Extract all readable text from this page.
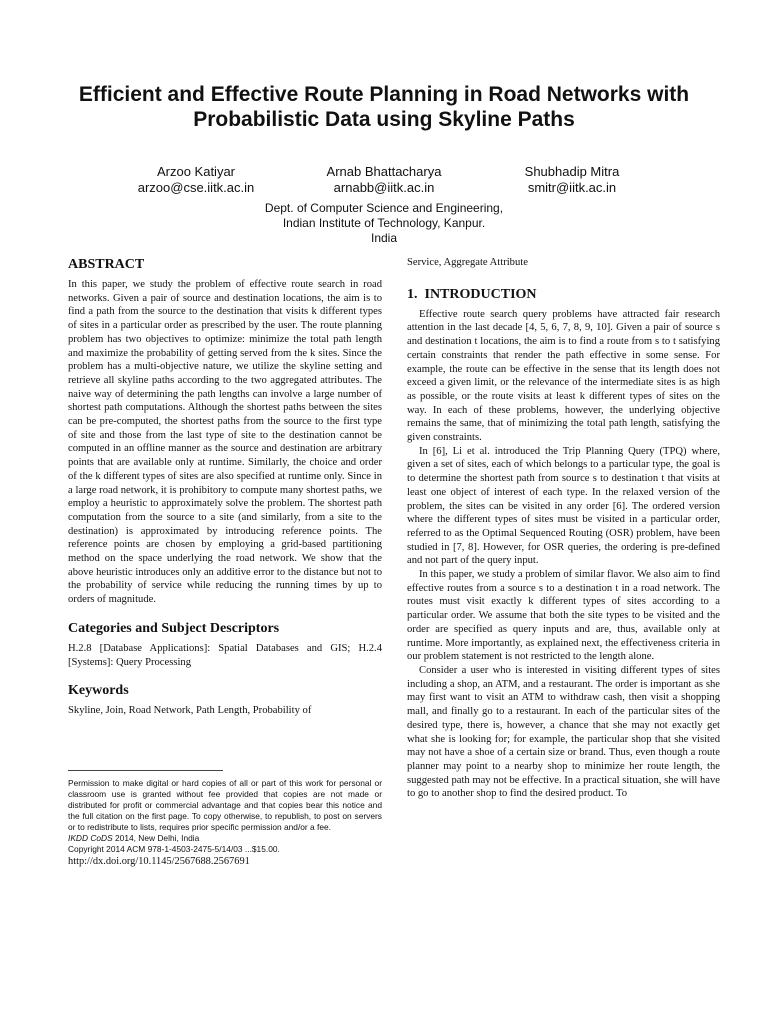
Efficient and Effective Route Planning in Road Networks with Probabilistic Data using Skyline Paths
Arzoo Katiyar
arzoo@cse.iitk.ac.in
Arnab Bhattacharya
arnabb@iitk.ac.in
Shubhadip Mitra
smitr@iitk.ac.in
Dept. of Computer Science and Engineering,
Indian Institute of Technology, Kanpur.
India
ABSTRACT

In this paper, we study the problem of effective route search in road networks. Given a pair of source and destination locations, the aim is to find a path from the source to the destination that visits k different types of sites in a particular order as prescribed by the user. The route planning problem has two objectives to optimize: minimize the total path length and maximize the probability of getting served from the k sites. Since the problem has a multi-objective nature, we utilize the skyline setting and retrieve all skyline paths according to the two aggregated attributes. The naive way of determining the path lengths can involve a large number of shortest path computations. Although the shortest paths between the sites can be pre-computed, the shortest paths from the source to the first type of site and those from the last type of site to the destination cannot be computed in an offline manner as the source and destination are arbitrary points that are available only at runtime. Similarly, the choice and order of the k different types of sites are also specified at runtime only. Since in a large road network, it is prohibitory to compute many shortest paths, we employ a heuristic to approximately solve the problem. The shortest path computation from the source to a site (and similarly, from a site to the destination) is approximated by introducing reference points. The reference points are chosen by employing a grid-based partitioning method on the space underlying the road network. We show that the above heuristic introduces only an additive error to the distance but not to the probability of service while reducing the running times by up to orders of magnitude.

Categories and Subject Descriptors

H.2.8 [Database Applications]: Spatial Databases and GIS; H.2.4 [Systems]: Query Processing

Keywords

Skyline, Join, Road Network, Path Length, Probability of

Permission to make digital or hard copies of all or part of this work for personal or classroom use is granted without fee provided that copies are not made or distributed for profit or commercial advantage and that copies bear this notice and the full citation on the first page. To copy otherwise, to republish, to post on servers or to redistribute to lists, requires prior specific permission and/or a fee.
IKDD CoDS 2014, New Delhi, India
Copyright 2014 ACM 978-1-4503-2475-5/14/03 ...$15.00.
http://dx.doi.org/10.1145/2567688.2567691

Service, Aggregate Attribute

1. INTRODUCTION

Effective route search query problems have attracted fair research attention in the last decade [4, 5, 6, 7, 8, 9, 10]. Given a pair of source s and destination t locations, the aim is to find a route from s to t satisfying certain constraints that render the path effective in some sense. For example, the route can be effective in the sense that its length does not exceed a given limit, or the relevance of the intermediate sites is as high as possible, or the route visits at least k different types of sites on the way. In each of these problems, however, the underlying objective remains the same, that of minimizing the total path length, satisfying the given constraints.

In [6], Li et al. introduced the Trip Planning Query (TPQ) where, given a set of sites, each of which belongs to a particular type, the goal is to determine the shortest path from source s to destination t that visits at least one object of interest of each type. In the relaxed version of the problem, the sites can be visited in any order [6]. The ordered version where the different types of sites must be visited in a particular order, referred to as the Optimal Sequenced Routing (OSR) problem, have been studied in [7, 8]. However, for OSR queries, the ordering is pre-defined and not part of the query input.

In this paper, we study a problem of similar flavor. We also aim to find effective routes from a source s to a destination t in a road network. The routes must visit exactly k different types of sites according to a particular order. We assume that both the site types to be visited and the order are specified as query inputs and are, thus, available only at runtime. More importantly, as explained next, the effectiveness criteria in our problem statement is not restricted to the length alone.

Consider a user who is interested in visiting different types of sites including a shop, an ATM, and a restaurant. The order is important as she may first want to visit an ATM to withdraw cash, then visit a shopping mall, and finally go to a restaurant. In each of the particular sites of the desired type, there is, however, a chance that she may not exactly get what she is looking for; for example, the particular shop that she visited may not have a shoe of a certain size or brand. Thus, even though a route planner may point to a nearby shop to minimize her route length, the suggested path may not be effective. In a practical situation, she will have to go to another shop to find the desired product. To
